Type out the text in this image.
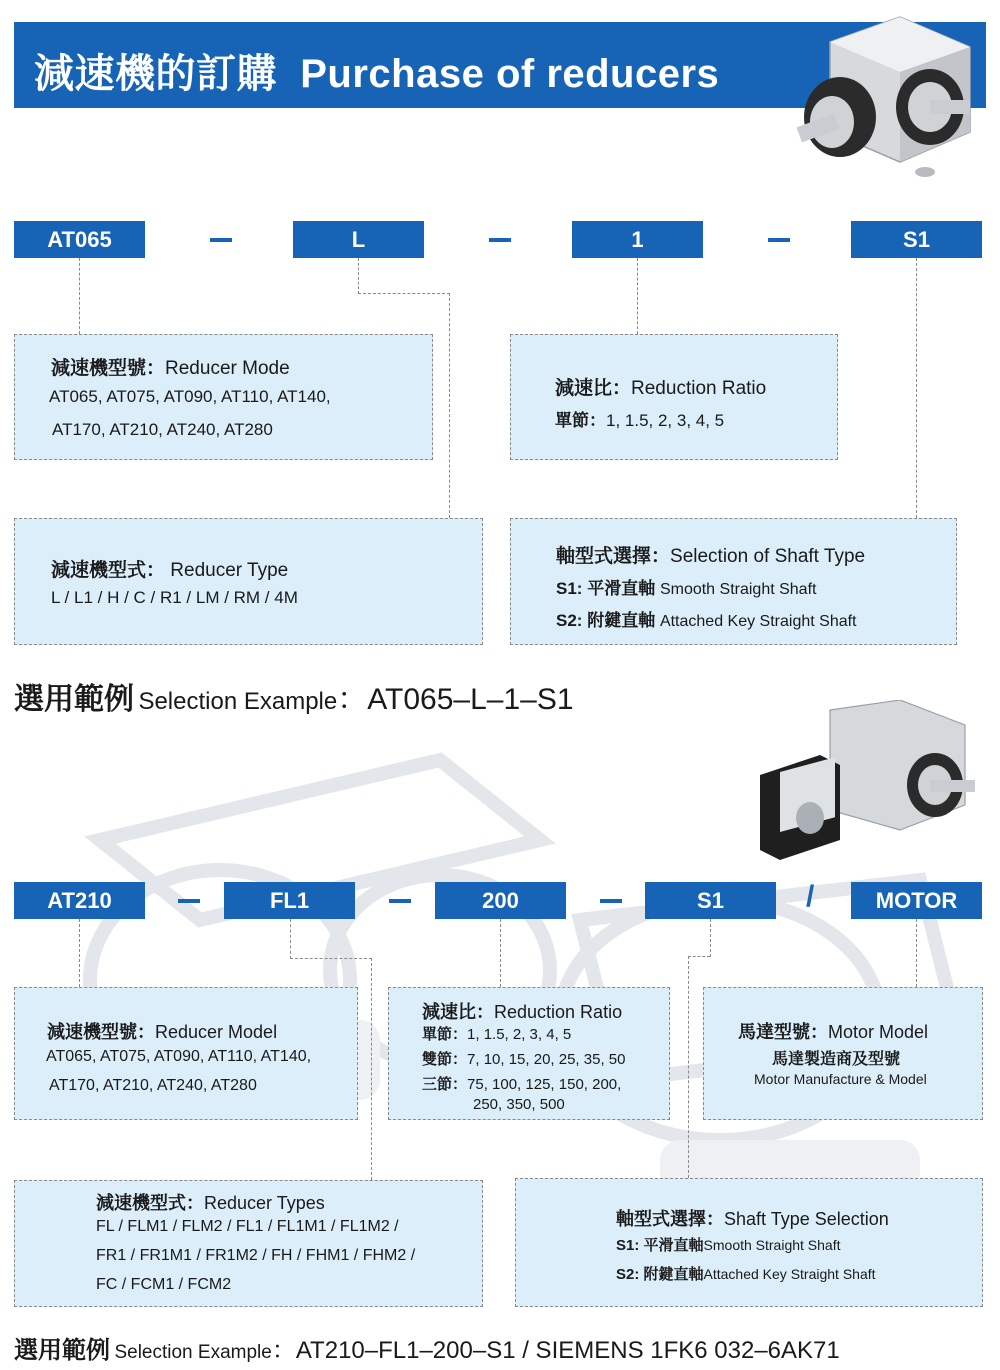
減速機的訂購 Purchase of reducers
AT065	L	1	S1
減速機型號：Reducer Mode
AT065, AT075, AT090, AT110, AT140,
AT170, AT210, AT240, AT280
減速比：Reduction Ratio
單節：1, 1.5, 2, 3, 4, 5
減速機型式： Reducer Type
L / L1 / H / C / R1 / LM / RM / 4M
軸型式選擇：Selection of Shaft Type
S1: 平滑直軸 Smooth Straight Shaft
S2: 附鍵直軸 Attached Key Straight Shaft
選用範例 Selection Example：AT065–L–1–S1
AT210	FL1	200	S1	/	MOTOR
減速機型號：Reducer Model
AT065, AT075, AT090, AT110, AT140,
AT170, AT210, AT240, AT280
減速比：Reduction Ratio
單節：1, 1.5, 2, 3, 4, 5
雙節：7, 10, 15, 20, 25, 35, 50
三節：75, 100, 125, 150, 200,
250, 350, 500
馬達型號：Motor Model
馬達製造商及型號
Motor Manufacture & Model
減速機型式：Reducer Types
FL / FLM1 / FLM2 / FL1 / FL1M1 / FL1M2 /
FR1 / FR1M1 / FR1M2 / FH / FHM1 / FHM2 /
FC / FCM1 / FCM2
軸型式選擇：Shaft Type Selection
S1: 平滑直軸Smooth Straight Shaft
S2: 附鍵直軸Attached Key Straight Shaft
選用範例 Selection Example：AT210–FL1–200–S1 / SIEMENS 1FK6 032–6AK71
